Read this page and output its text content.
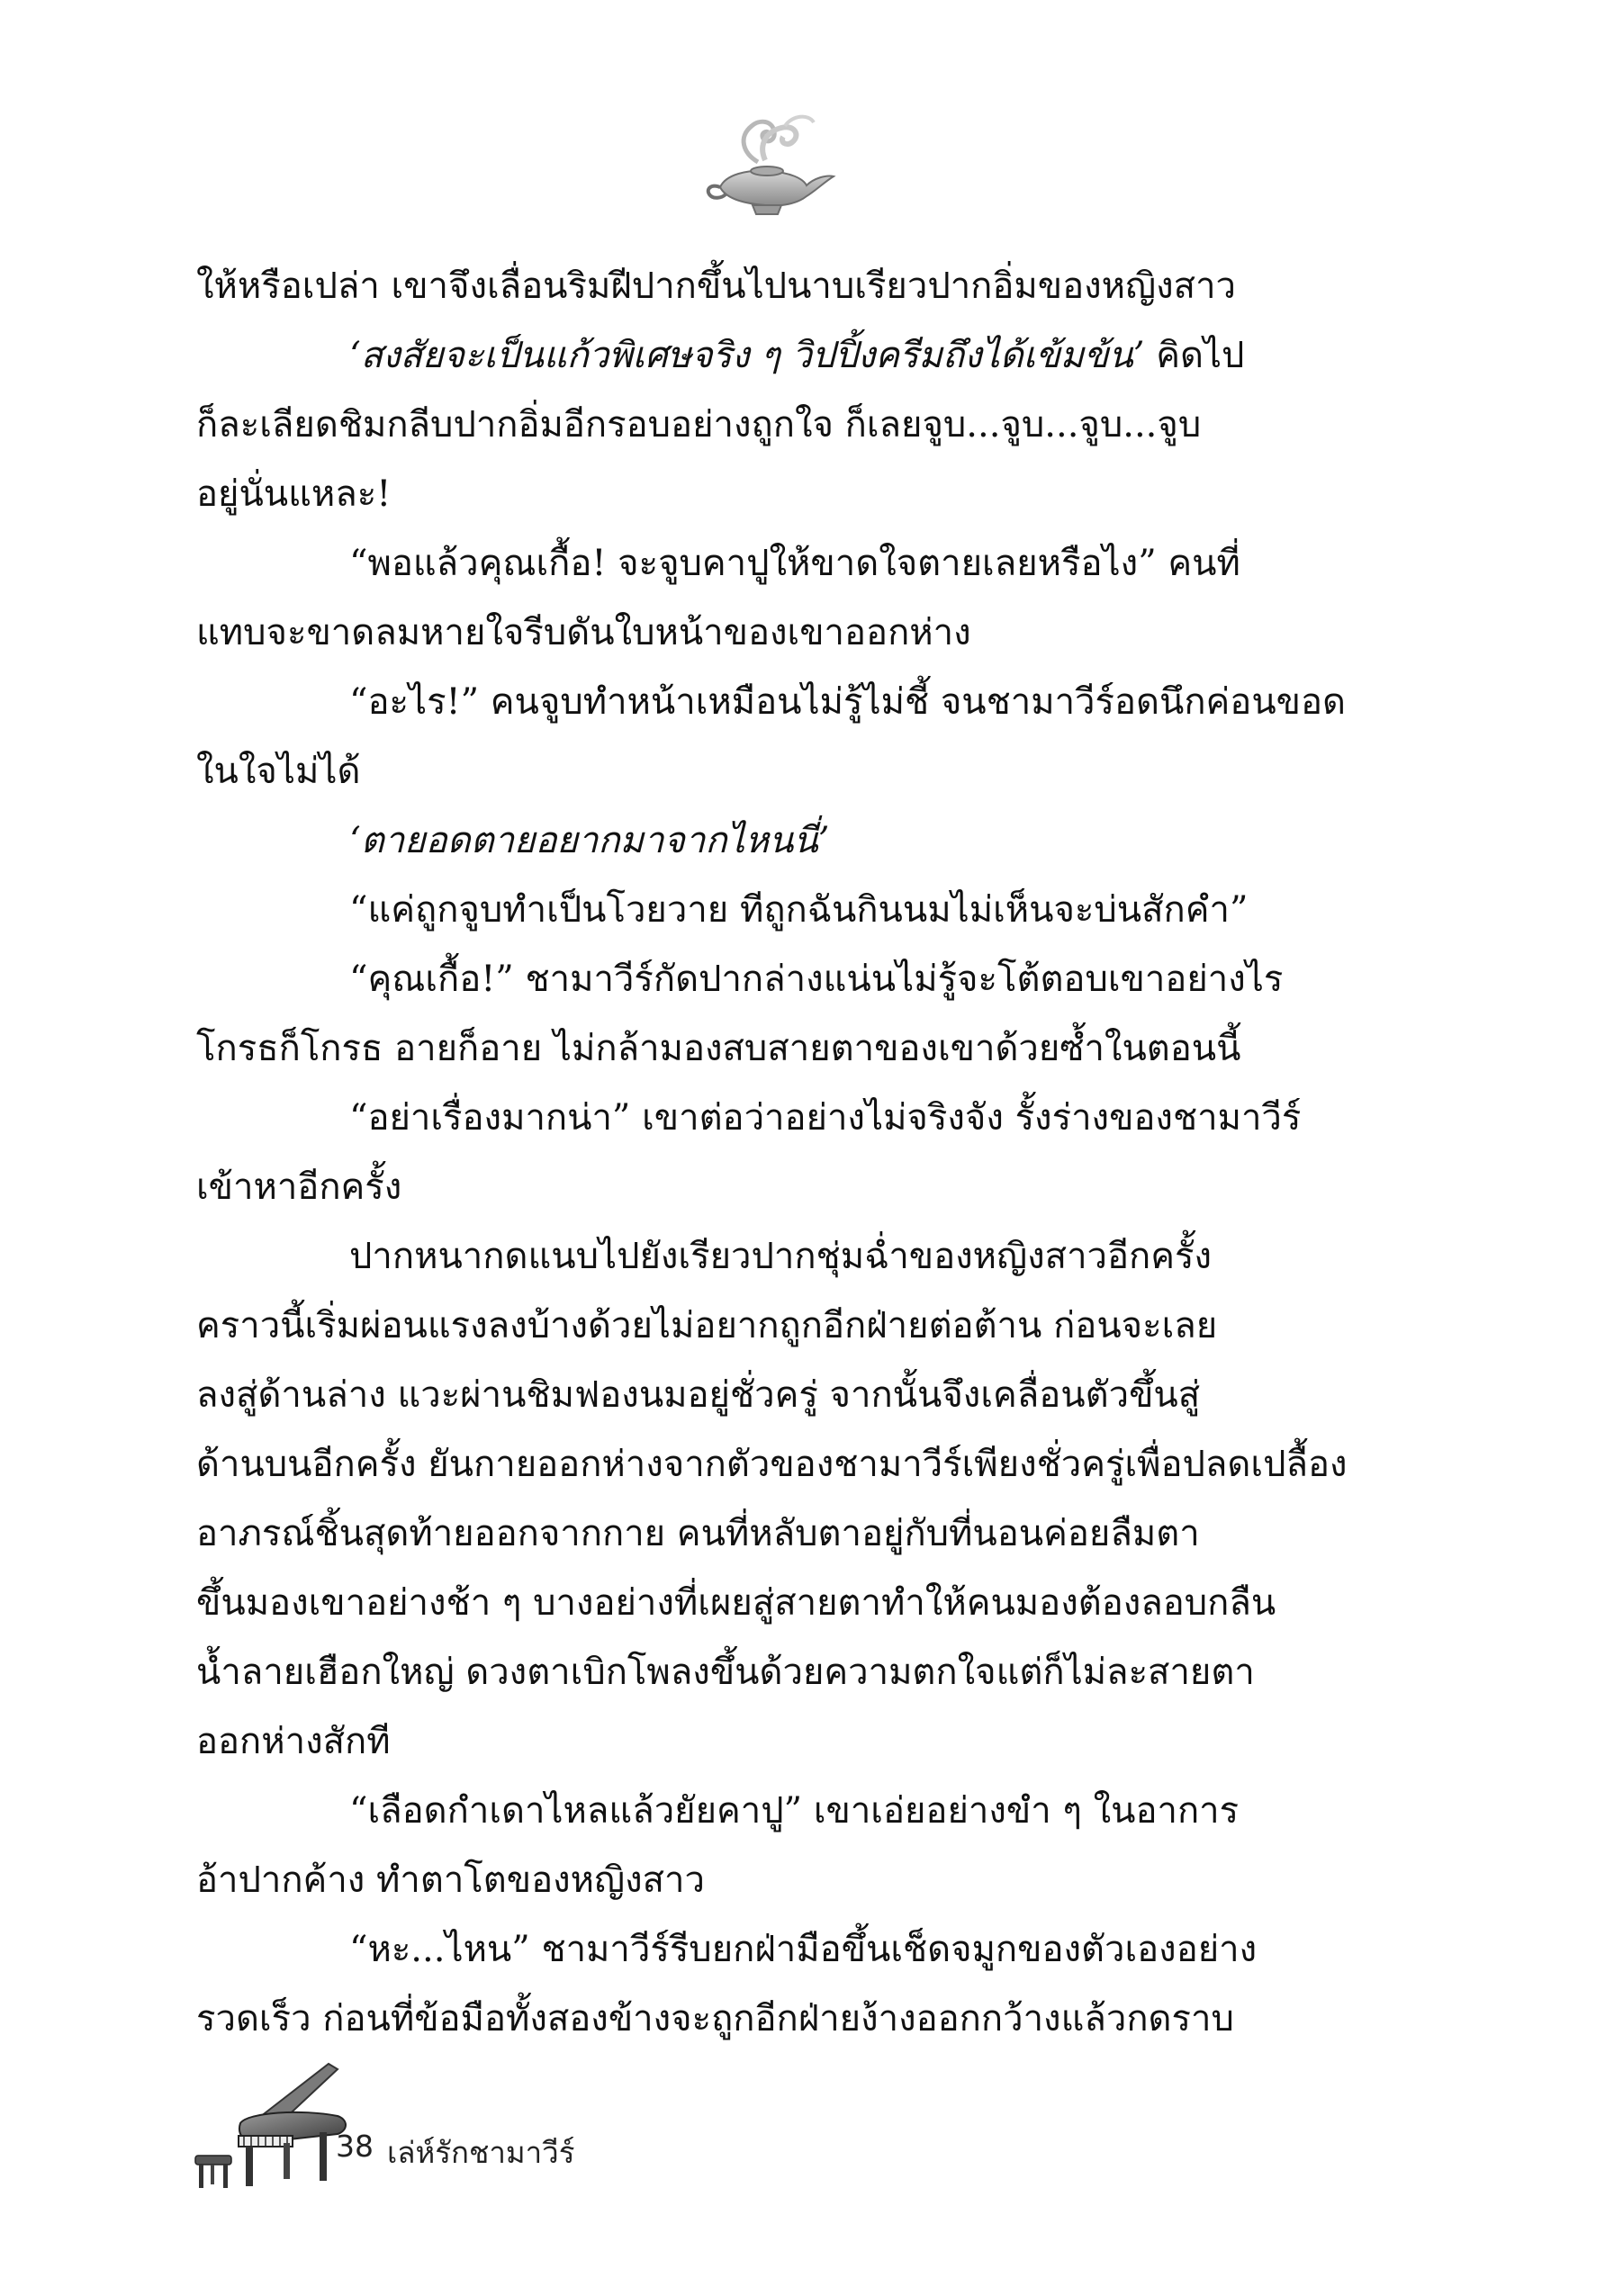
ให้หรือเปล่า เขาจึงเลื่อนริมฝีปากขึ้นไปนาบเรียวปากอิ่มของหญิงสาว

‘สงสัยจะเป็นแก้วพิเศษจริง ๆ วิปปิ้งครีมถึงได้เข้มข้น’ คิดไป

ก็ละเลียดชิมกลีบปากอิ่มอีกรอบอย่างถูกใจ ก็เลยจูบ...จูบ...จูบ...จูบ

อยู่นั่นแหละ!

“พอแล้วคุณเกื้อ! จะจูบคาปูให้ขาดใจตายเลยหรือไง” คนที่

แทบจะขาดลมหายใจรีบดันใบหน้าของเขาออกห่าง

“อะไร!” คนจูบทำหน้าเหมือนไม่รู้ไม่ชี้ จนชามาวีร์อดนึกค่อนขอด

ในใจไม่ได้

‘ตายอดตายอยากมาจากไหนนี่’

“แค่ถูกจูบทำเป็นโวยวาย ทีถูกฉันกินนมไม่เห็นจะบ่นสักคำ”

“คุณเกื้อ!” ชามาวีร์กัดปากล่างแน่นไม่รู้จะโต้ตอบเขาอย่างไร

โกรธก็โกรธ อายก็อาย ไม่กล้ามองสบสายตาของเขาด้วยซ้ำในตอนนี้

“อย่าเรื่องมากน่า” เขาต่อว่าอย่างไม่จริงจัง รั้งร่างของชามาวีร์

เข้าหาอีกครั้ง

ปากหนากดแนบไปยังเรียวปากชุ่มฉ่ำของหญิงสาวอีกครั้ง

คราวนี้เริ่มผ่อนแรงลงบ้างด้วยไม่อยากถูกอีกฝ่ายต่อต้าน ก่อนจะเลย

ลงสู่ด้านล่าง แวะผ่านชิมฟองนมอยู่ชั่วครู่ จากนั้นจึงเคลื่อนตัวขึ้นสู่

ด้านบนอีกครั้ง ยันกายออกห่างจากตัวของชามาวีร์เพียงชั่วครู่เพื่อปลดเปลื้อง

อาภรณ์ชิ้นสุดท้ายออกจากกาย คนที่หลับตาอยู่กับที่นอนค่อยลืมตา

ขึ้นมองเขาอย่างช้า ๆ บางอย่างที่เผยสู่สายตาทำให้คนมองต้องลอบกลืน

น้ำลายเฮือกใหญ่ ดวงตาเบิกโพลงขึ้นด้วยความตกใจแต่ก็ไม่ละสายตา

ออกห่างสักที

“เลือดกำเดาไหลแล้วยัยคาปู” เขาเอ่ยอย่างขำ ๆ ในอาการ

อ้าปากค้าง ทำตาโตของหญิงสาว

“หะ...ไหน” ชามาวีร์รีบยกฝ่ามือขึ้นเช็ดจมูกของตัวเองอย่าง

รวดเร็ว ก่อนที่ข้อมือทั้งสองข้างจะถูกอีกฝ่ายง้างออกกว้างแล้วกดราบ

38 เล่ห์รักชามาวีร์
